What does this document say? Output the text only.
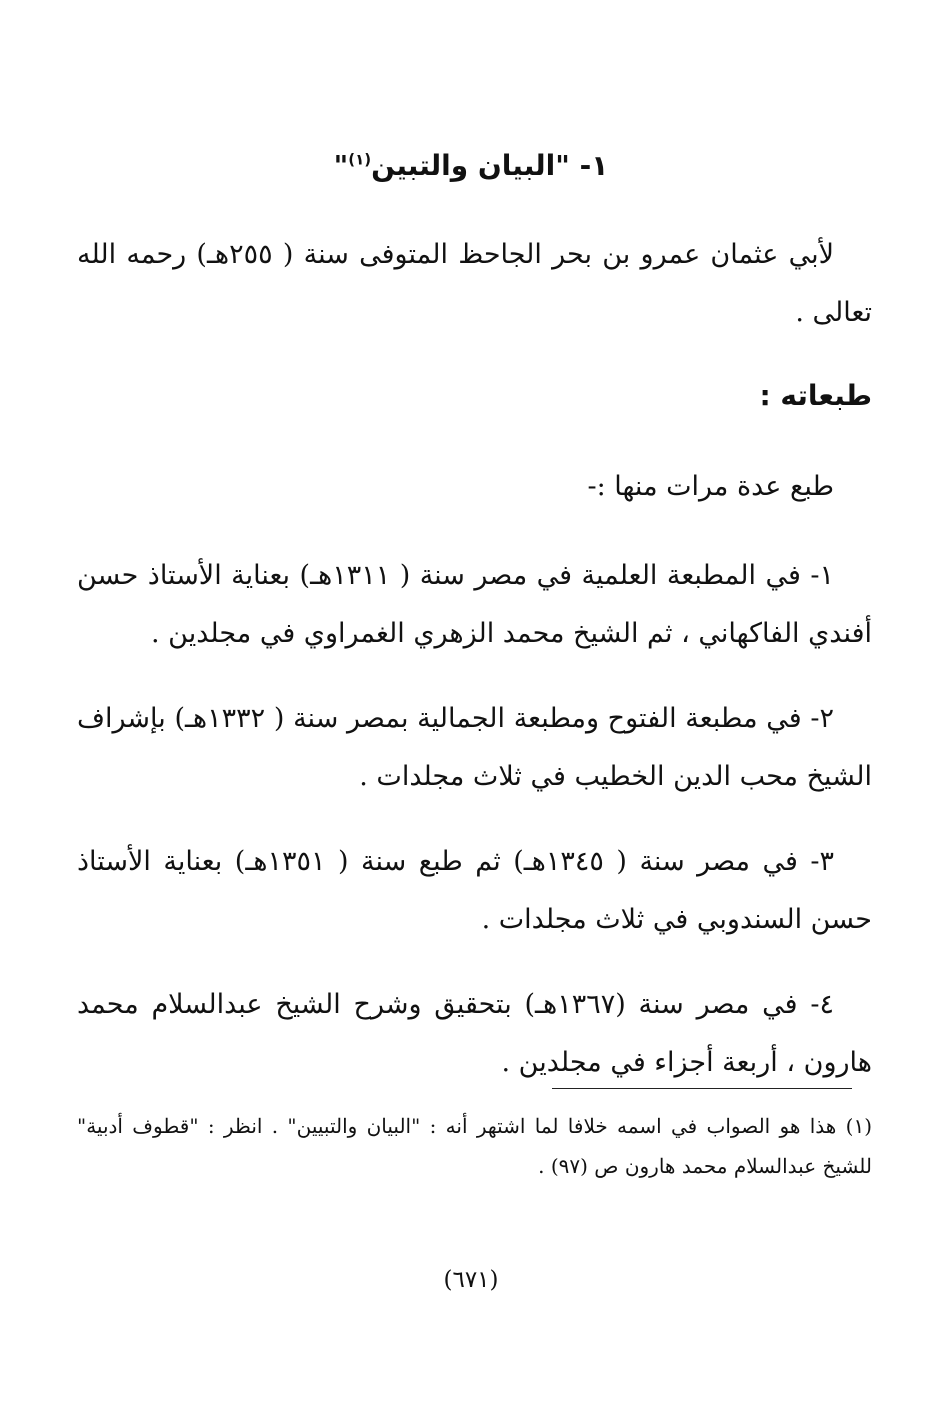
١- "البيان والتبين$^{(١)}$"

لأبي عثمان عمرو بن بحر الجاحظ المتوفى سنة ( ٢٥٥هـ) رحمه الله تعالى .

طبعاته :

طبع عدة مرات منها :-

١- في المطبعة العلمية في مصر سنة ( ١٣١١هـ) بعناية الأستاذ حسن أفندي الفاكهاني ، ثم الشيخ محمد الزهري الغمراوي في مجلدين .

٢- في مطبعة الفتوح ومطبعة الجمالية بمصر سنة ( ١٣٣٢هـ) بإشراف الشيخ محب الدين الخطيب في ثلاث مجلدات .

٣- في مصر سنة ( ١٣٤٥هـ) ثم طبع سنة ( ١٣٥١هـ) بعناية الأستاذ حسن السندوبي في ثلاث مجلدات .

٤- في مصر سنة (١٣٦٧هـ) بتحقيق وشرح الشيخ عبدالسلام محمد هارون ، أربعة أجزاء في مجلدين .

(١) هذا هو الصواب في اسمه خلافا لما اشتهر أنه : "البيان والتبيين" . انظر : "قطوف أدبية" للشيخ عبدالسلام محمد هارون ص (٩٧) .

(٦٧١)
